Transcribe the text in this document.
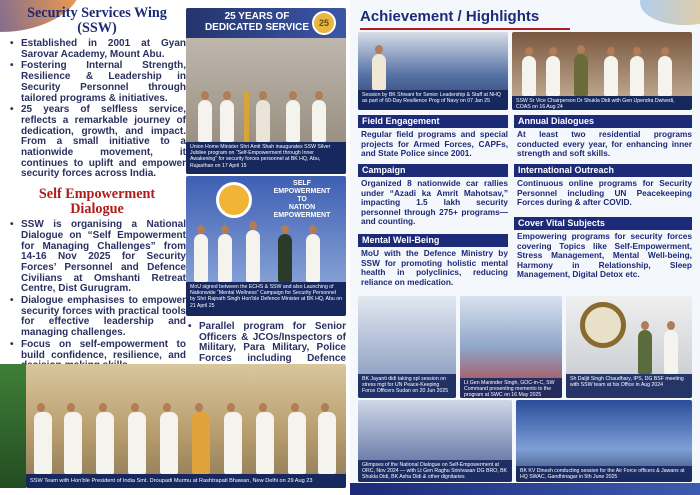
Security Services Wing
(SSW)
• Established in 2001 at Gyan Sarovar Academy, Mount Abu.
• Fostering Internal Strength, Resilience & Leadership in Security Personnel through tailored programs & initiatives.
• 25 years of selfless service, reflects a remarkable journey of dedication, growth, and impact. From a small initiative to a nationwide movement, it continues to uplift and empower security forces across India.
Self Empowerment
Dialogue
• SSW is organising a National Dialogue on “Self Empowerment for Managing Challenges” from 14-16 Nov 2025 for Security Forces’ Personnel and Defence Civilians at Omshanti Retreat Centre, Dist Gurugram.
• Dialogue emphasises to empower security forces with practical tools for effective leadership and managing challenges.
• Focus on self-empowerment to build confidence, resilience, and
25 YEARS OF
DEDICATED SERVICE	25
Union Home Minister Shri Amit Shah inaugurates SSW Silver Jubilee program on “Self-Empowerment through Inner Awakening” for security forces personnel at BK HQ, Abu, Rajasthan on 17 April 15
SELF EMPOWERMENT
TO
NATION EMPOWERMENT
MoU signed between the ECHS & SSW and also Launching of Nationwide “Mental Wellness” Campaign for Security Personnel by Shri Rajnath Singh Hon’ble Defence Minister at BK HQ, Abu on 21 April 25
• Parallel program for Senior Officers & JCOs/Inspectors of Military, Para Military, Police Forces including Defence
SSW Team with Hon’ble President of India Smt. Droupadi Murmu at Rashtrapati Bhawan, New Delhi on 29 Aug 23
Achievement / Highlights
Session by BK Shivani for Senior Leadership & Staff at NHQ as part of 60-Day Resilience Prog of Navy on 07 Jan 25	SSW Sr Vice Chairperson Dr Shukla Didi with Gen Upendra Dwivedi, COAS on 16 Aug 24
Field Engagement
Regular field programs and special projects for Armed Forces, CAPFs, and State Police since 2001.
Campaign
Organized 8 nationwide car rallies under “Azadi ka Amrit Mahotsav,” impacting 1.5 lakh security personnel through 275+ programs—and counting.
Mental Well-Being
MoU with the Defence Ministry by SSW for promoting holistic mental health in polyclinics, reducing reliance on medication.
Annual Dialogues
At least two residential programs conducted every year, for enhancing inner strength and soft skills.
International Outreach
Continuous online programs for Security Personnel including UN Peacekeeping Forces during & after COVID.
Cover Vital Subjects
Empowering programs for security forces covering Topics like Self-Empowerment, Stress Management, Mental Well-being, Harmony in Relationship, Sleep Management, Digital Detox etc.
BK Jayanti didi taking spl session on stress mgt for UN Peace-Keeping Force Officers Sudan on 20 Jun 2025
Lt Gen Maninder Singh, GOC-in-C, SW Command presenting memento to the program at SWC on 16 May 2025
Sh Daljit Singh Chaudhary, IPS, DG BSF meeting with SSW team at his Office in Aug 2024
Glimpses of the National Dialogue on Self-Empowerment at ORC, Nov 2024 — with Lt Gen Raghu Srinivasan DG BRO, BK Shukla Didi, BK Asha Didi & other dignitaries
BK KV Dinesh conducting session for the Air Force officers & Jawans at HQ SWAC, Gandhinagar in 5th June 2025
